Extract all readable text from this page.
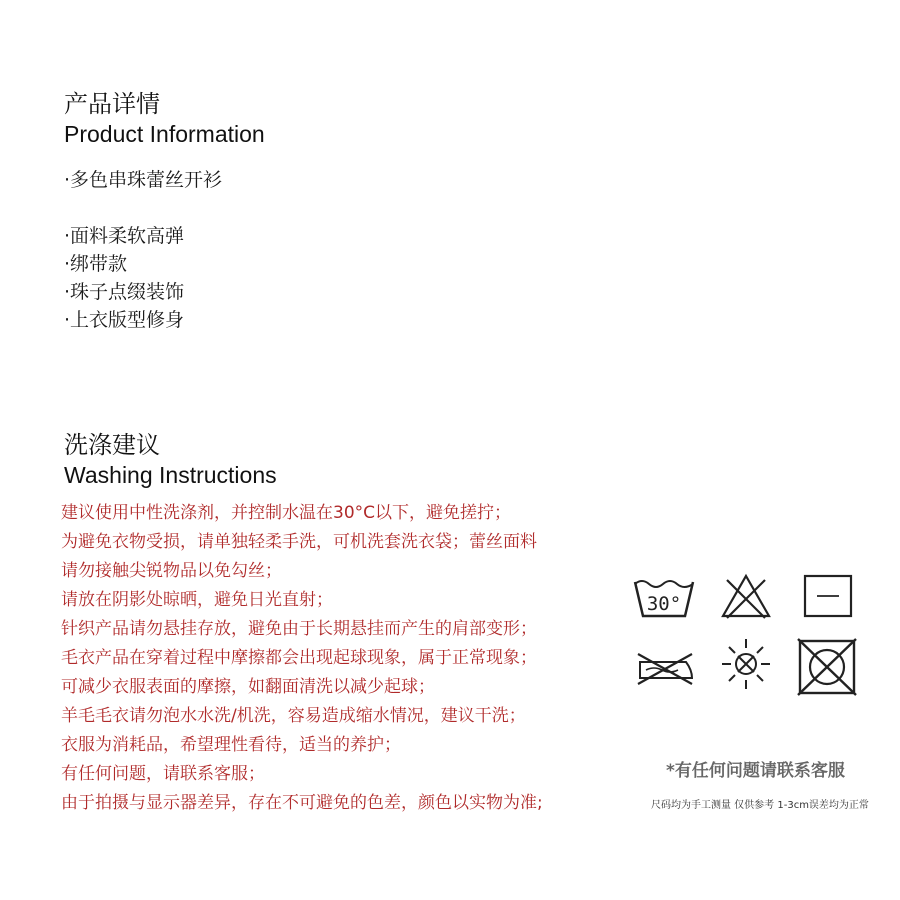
产品详情
Product Information
·多色串珠蕾丝开衫
·面料柔软高弹
·绑带款
·珠子点缀装饰
·上衣版型修身
洗涤建议
Washing Instructions
建议使用中性洗涤剂，并控制水温在30°C以下，避免搓拧；
为避免衣物受损，请单独轻柔手洗，可机洗套洗衣袋；蕾丝面料
请勿接触尖锐物品以免勾丝；
请放在阴影处晾晒，避免日光直射；
针织产品请勿悬挂存放，避免由于长期悬挂而产生的肩部变形；
毛衣产品在穿着过程中摩擦都会出现起球现象，属于正常现象；
可减少衣服表面的摩擦，如翻面清洗以减少起球；
羊毛毛衣请勿泡水水洗/机洗，容易造成缩水情况，建议干洗；
衣服为消耗品，希望理性看待，适当的养护；
有任何问题，请联系客服；
由于拍摄与显示器差异，存在不可避免的色差，颜色以实物为准;
30°
*有任何问题请联系客服
尺码均为手工测量 仅供参考 1-3cm误差均为正常
